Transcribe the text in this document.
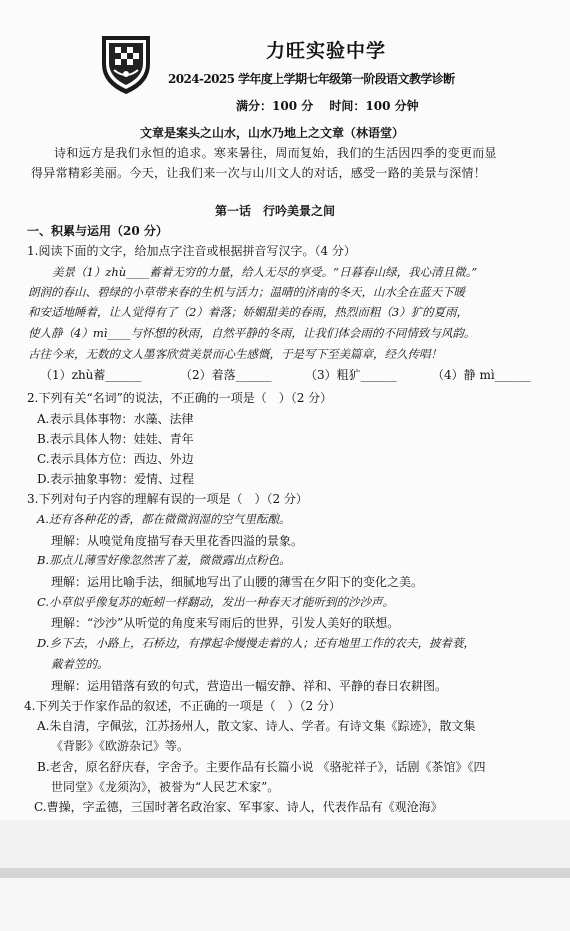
力旺实验中学
2024-2025 学年度上学期七年级第一阶段语文教学诊断
满分：100 分　 时间：100 分钟
文章是案头之山水，山水乃地上之文章（林语堂）
诗和远方是我们永恒的追求。寒来暑往，周而复始，我们的生活因四季的变更而显
得异常精彩美丽。今天，让我们来一次与山川文人的对话，感受一路的美景与深情！
第一话　行吟美景之间
一、积累与运用（20 分）
1.阅读下面的文字，给加点字注音或根据拼音写汉字。（4 分）
美景（1）zhù____蓄着无穷的力量，给人无尽的享受。“日暮春山绿，我心清且微。”
朗润的春山、碧绿的小草带来春的生机与活力；温晴的济南的冬天，山水全在蓝天下暖
和安适地睡着，让人觉得有了（2）着落；娇媚甜美的春雨，热烈而粗（3）犷的夏雨，
使人静（4）mì____与怀想的秋雨，自然平静的冬雨，让我们体会雨的不同情致与风韵。
古往今来，无数的文人墨客欣赏美景而心生感慨，于是写下至美篇章，经久传唱！
（1）zhù蓄______	（2）着落______	（3）粗犷______	（4）静 mì______
2.下列有关“名词”的说法，不正确的一项是（　）（2 分）
A.表示具体事物：水藻、法律
B.表示具体人物：娃娃、青年
C.表示具体方位：西边、外边
D.表示抽象事物：爱情、过程
3.下列对句子内容的理解有误的一项是（　）（2 分）
A.还有各种花的香，都在微微润湿的空气里酝酿。
理解：从嗅觉角度描写春天里花香四溢的景象。
B.那点儿薄雪好像忽然害了羞，微微露出点粉色。
理解：运用比喻手法，细腻地写出了山腰的薄雪在夕阳下的变化之美。
C.小草似乎像复苏的蚯蚓一样翻动，发出一种春天才能听到的沙沙声。
理解：“沙沙”从听觉的角度来写雨后的世界，引发人美好的联想。
D.乡下去，小路上，石桥边，有撑起伞慢慢走着的人；还有地里工作的农夫，披着蓑，
戴着笠的。
理解：运用错落有致的句式，营造出一幅安静、祥和、平静的春日农耕图。
4.下列关于作家作品的叙述，不正确的一项是（　）（2 分）
A.朱自清，字佩弦，江苏扬州人，散文家、诗人、学者。有诗文集《踪迹》，散文集
《背影》《欧游杂记》等。
B.老舍，原名舒庆春，字舍予。主要作品有长篇小说 《骆驼祥子》，话剧《茶馆》《四
世同堂》《龙须沟》，被誉为“人民艺术家”。
C.曹操，字孟德，三国时著名政治家、军事家、诗人，代表作品有《观沧海》
